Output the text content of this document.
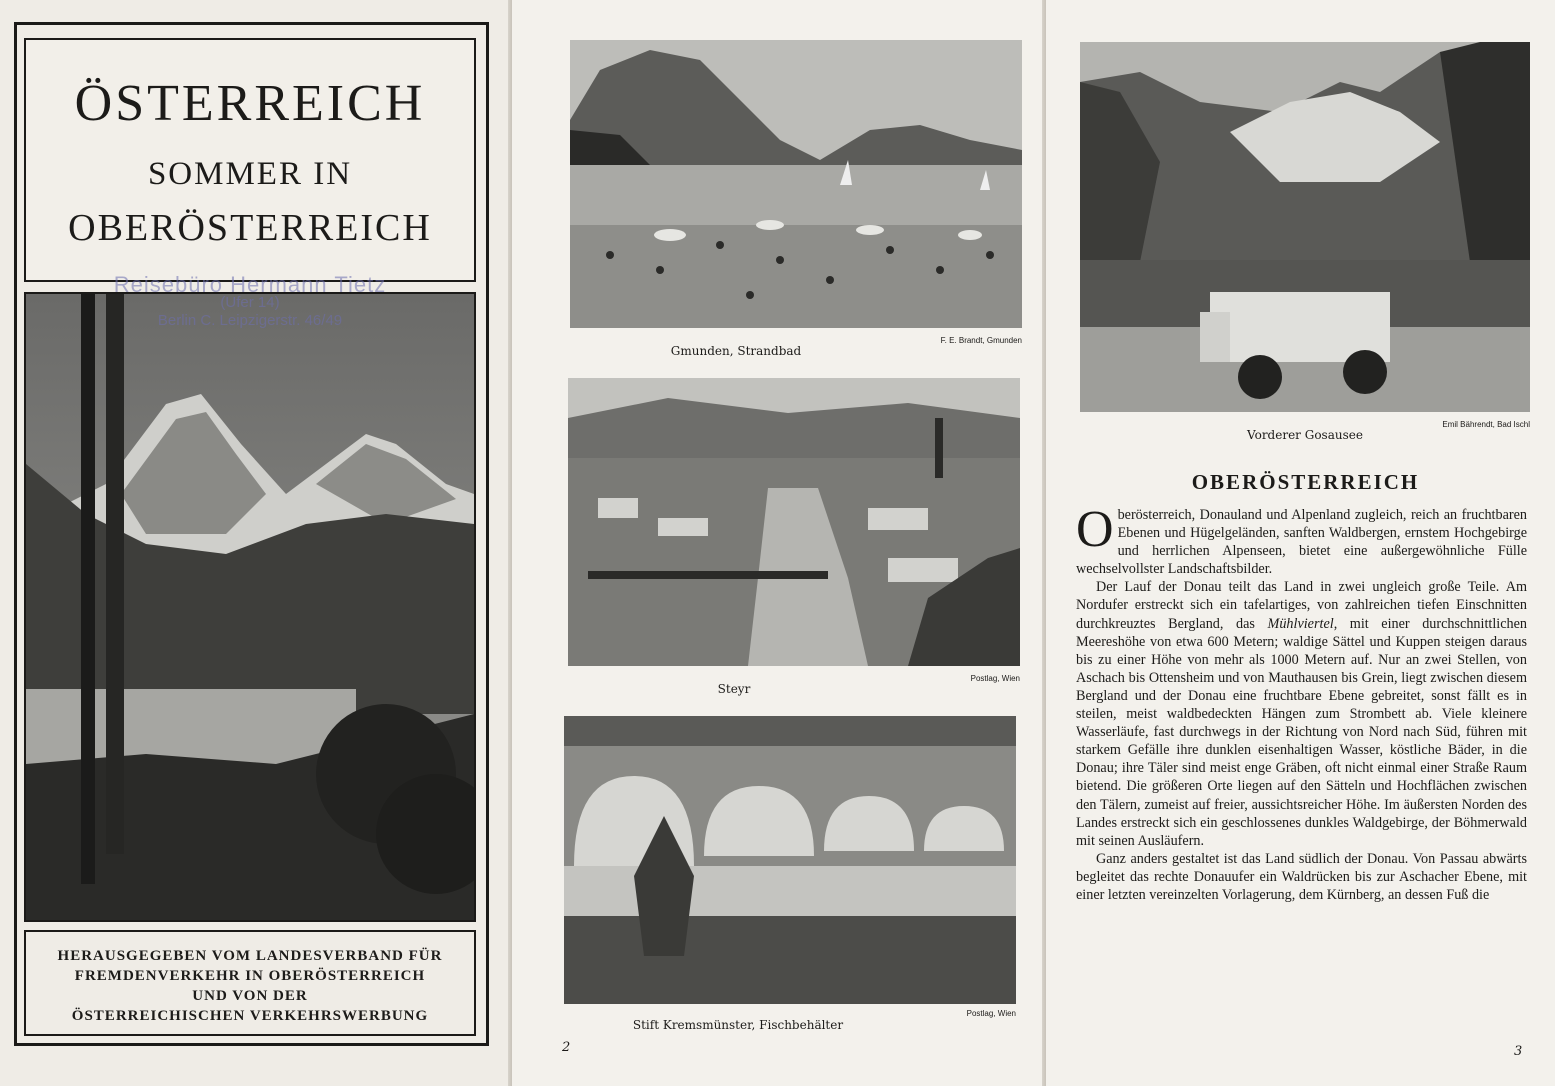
ÖSTERREICH
SOMMER IN
OBERÖSTERREICH
Reisebüro Hermann Tietz
(Ufer 14)
Berlin C. Leipzigerstr. 46/49
HERAUSGEGEBEN VOM LANDESVERBAND FÜR
FREMDENVERKEHR IN OBERÖSTERREICH
UND VON DER
ÖSTERREICHISCHEN VERKEHRSWERBUNG
Gmunden, Strandbad
F. E. Brandt, Gmunden
Steyr
Postlag, Wien
Stift Kremsmünster, Fischbehälter
Postlag, Wien
2
Vorderer Gosausee
Emil Bährendt, Bad Ischl
OBERÖSTERREICH

Oberösterreich, Donauland und Alpenland zugleich, reich an fruchtbaren Ebenen und Hügelgeländen, sanften Waldbergen, ernstem Hochgebirge und herrlichen Alpenseen, bietet eine außergewöhnliche Fülle wechselvollster Landschaftsbilder.

Der Lauf der Donau teilt das Land in zwei ungleich große Teile. Am Nordufer erstreckt sich ein tafelartiges, von zahlreichen tiefen Einschnitten durchkreuztes Bergland, das Mühlviertel, mit einer durchschnittlichen Meereshöhe von etwa 600 Metern; waldige Sättel und Kuppen steigen daraus bis zu einer Höhe von mehr als 1000 Metern auf. Nur an zwei Stellen, von Aschach bis Ottensheim und von Mauthausen bis Grein, liegt zwischen diesem Bergland und der Donau eine fruchtbare Ebene gebreitet, sonst fällt es in steilen, meist waldbedeckten Hängen zum Strombett ab. Viele kleinere Wasserläufe, fast durchwegs in der Richtung von Nord nach Süd, führen mit starkem Gefälle ihre dunklen eisenhaltigen Wasser, köstliche Bäder, in die Donau; ihre Täler sind meist enge Gräben, oft nicht einmal einer Straße Raum bietend. Die größeren Orte liegen auf den Sätteln und Hochflächen zwischen den Tälern, zumeist auf freier, aussichtsreicher Höhe. Im äußersten Norden des Landes erstreckt sich ein geschlossenes dunkles Waldgebirge, der Böhmerwald mit seinen Ausläufern.

Ganz anders gestaltet ist das Land südlich der Donau. Von Passau abwärts begleitet das rechte Donauufer ein Waldrücken bis zur Aschacher Ebene, mit einer letzten vereinzelten Vorlagerung, dem Kürnberg, an dessen Fuß die

3
